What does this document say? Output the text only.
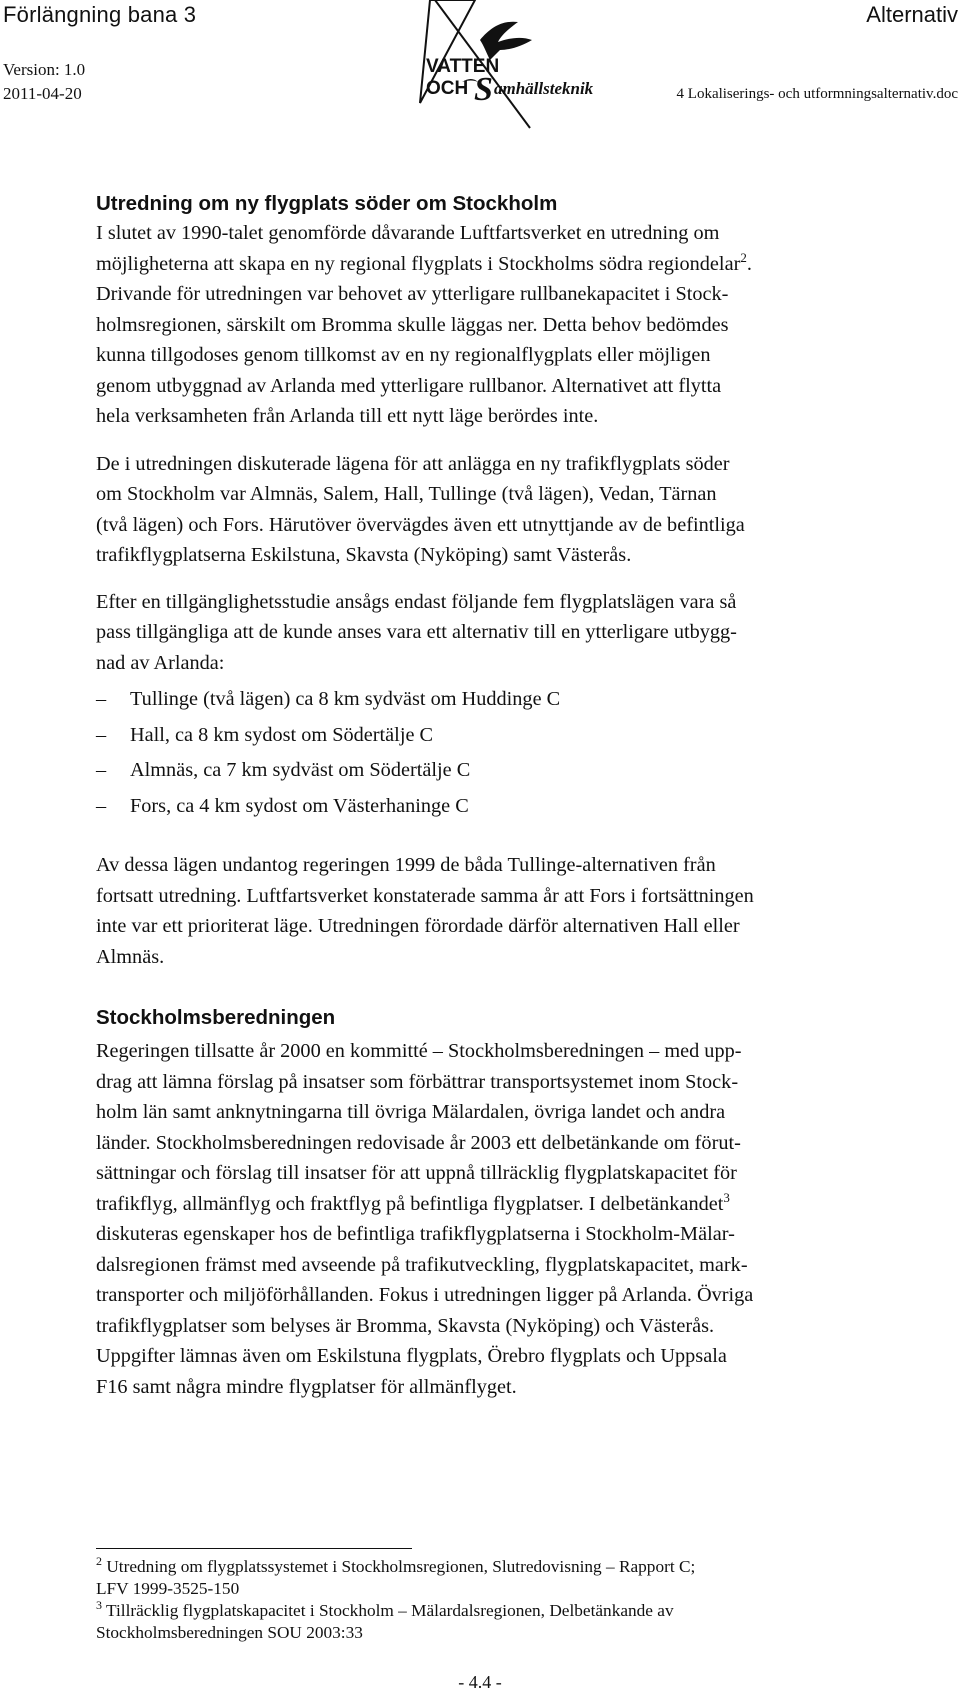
Förlängning bana 3
Version: 1.0
2011-04-20
Alternativ
4 Lokaliserings- och utformningsalternativ.doc
VATTEN
OCH S amhällsteknik
Utredning om ny flygplats söder om Stockholm

I slutet av 1990-talet genomförde dåvarande Luftfartsverket en utredning om
möjligheterna att skapa en ny regional flygplats i Stockholms södra regiondelar$^2$.
Drivande för utredningen var behovet av ytterligare rullbanekapacitet i Stock-
holmsregionen, särskilt om Bromma skulle läggas ner. Detta behov bedömdes
kunna tillgodoses genom tillkomst av en ny regionalflygplats eller möjligen
genom utbyggnad av Arlanda med ytterligare rullbanor. Alternativet att flytta
hela verksamheten från Arlanda till ett nytt läge berördes inte.

De i utredningen diskuterade lägena för att anlägga en ny trafikflygplats söder
om Stockholm var Almnäs, Salem, Hall, Tullinge (två lägen), Vedan, Tärnan
(två lägen) och Fors. Härutöver övervägdes även ett utnyttjande av de befintliga
trafikflygplatserna Eskilstuna, Skavsta (Nyköping) samt Västerås.

Efter en tillgänglighetsstudie ansågs endast följande fem flygplatslägen vara så
pass tillgängliga att de kunde anses vara ett alternativ till en ytterligare utbygg-
nad av Arlanda:

– Tullinge (två lägen) ca 8 km sydväst om Huddinge C
– Hall, ca 8 km sydost om Södertälje C
– Almnäs, ca 7 km sydväst om Södertälje C
– Fors, ca 4 km sydost om Västerhaninge C

Av dessa lägen undantog regeringen 1999 de båda Tullinge-alternativen från
fortsatt utredning. Luftfartsverket konstaterade samma år att Fors i fortsättningen
inte var ett prioriterat läge. Utredningen förordade därför alternativen Hall eller
Almnäs.

Stockholmsberedningen

Regeringen tillsatte år 2000 en kommitté – Stockholmsberedningen – med upp-
drag att lämna förslag på insatser som förbättrar transportsystemet inom Stock-
holm län samt anknytningarna till övriga Mälardalen, övriga landet och andra
länder. Stockholmsberedningen redovisade år 2003 ett delbetänkande om förut-
sättningar och förslag till insatser för att uppnå tillräcklig flygplatskapacitet för
trafikflyg, allmänflyg och fraktflyg på befintliga flygplatser. I delbetänkandet$^3$
diskuteras egenskaper hos de befintliga trafikflygplatserna i Stockholm-Mälar-
dalsregionen främst med avseende på trafikutveckling, flygplatskapacitet, mark-
transporter och miljöförhållanden. Fokus i utredningen ligger på Arlanda. Övriga
trafikflygplatser som belyses är Bromma, Skavsta (Nyköping) och Västerås.
Uppgifter lämnas även om Eskilstuna flygplats, Örebro flygplats och Uppsala
F16 samt några mindre flygplatser för allmänflyget.

$^2$ Utredning om flygplatssystemet i Stockholmsregionen, Slutredovisning – Rapport C;
LFV 1999-3525-150
$^3$ Tillräcklig flygplatskapacitet i Stockholm – Mälardalsregionen, Delbetänkande av
Stockholmsberedningen SOU 2003:33
- 4.4 -
